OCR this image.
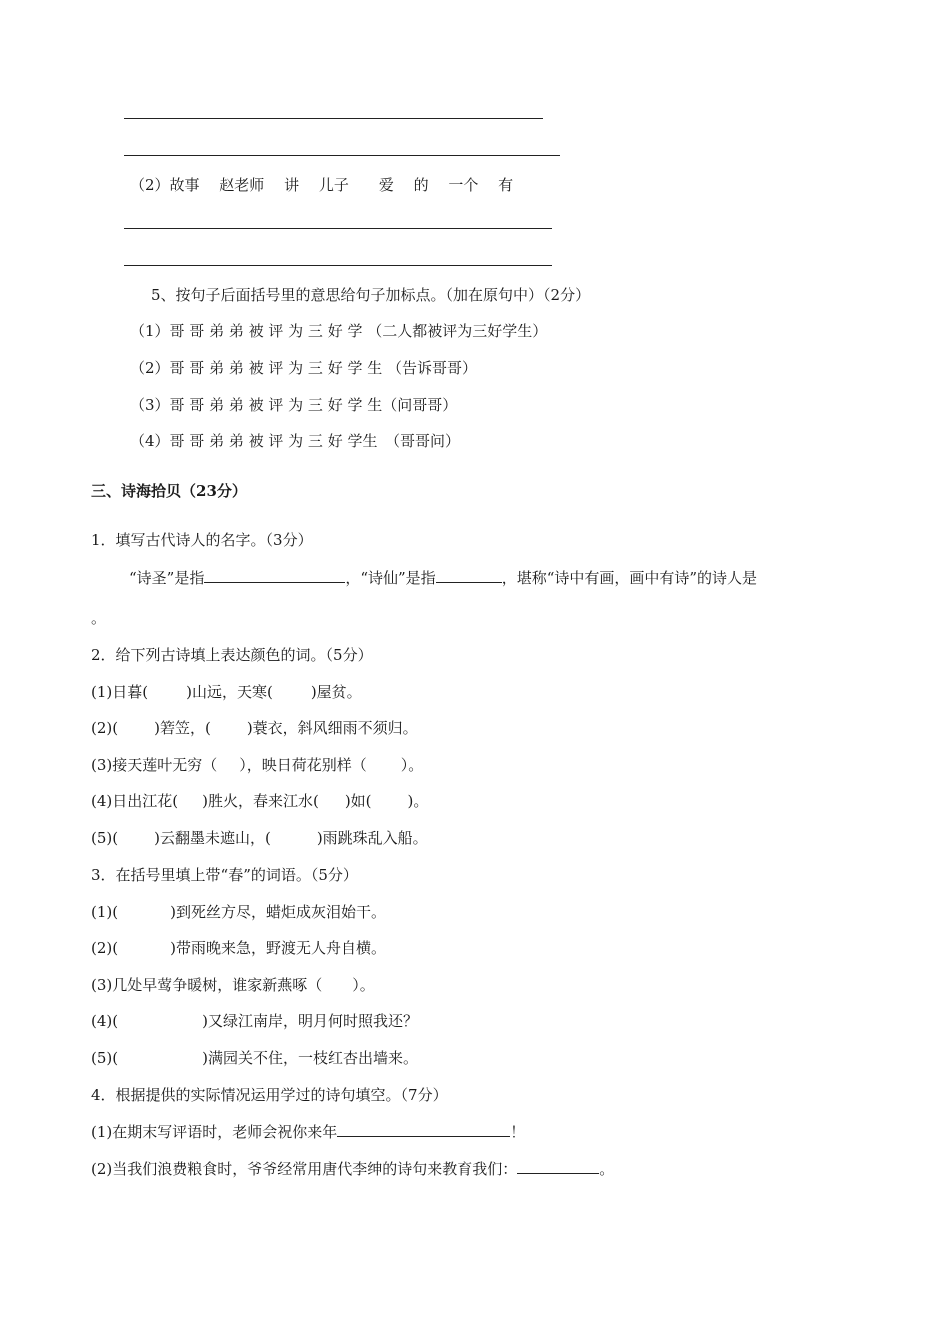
（2）故事　 赵老师　 讲　 儿子　　爱　 的　 一个　 有
5、按句子后面括号里的意思给句子加标点。（加在原句中）（2分）
（1）哥 哥 弟 弟 被 评 为 三 好 学 （二人都被评为三好学生）
（2）哥 哥 弟 弟 被 评 为 三 好 学 生 （告诉哥哥）
（3）哥 哥 弟 弟 被 评 为 三 好 学 生（问哥哥）
（4）哥 哥 弟 弟 被 评 为 三 好 学生　（哥哥问）
三、诗海拾贝（23分）
1．填写古代诗人的名字。（3分）
“诗圣”是指	，“诗仙”是指	，堪称“诗中有画，画中有诗”的诗人是
。
2．给下列古诗填上表达颜色的词。（5分）
(1)日暮(	)山远，天寒(	)屋贫。
(2)( )箬笠，( )蓑衣，斜风细雨不须归。
(3)接天莲叶无穷（ ），映日荷花别样（ ）。
(4)日出江花( )胜火，春来江水( )如( )。
(5)( )云翻墨未遮山，(	)雨跳珠乱入船。
3．在括号里填上带“春”的词语。（5分）
(1)(	)到死丝方尽，蜡炬成灰泪始干。
(2)(	)带雨晚来急，野渡无人舟自横。
(3)几处早莺争暖树，谁家新燕啄（ ）。
(4)(	)又绿江南岸，明月何时照我还？
(5)(	)满园关不住，一枝红杏出墙来。
4．根据提供的实际情况运用学过的诗句填空。（7分）
(1)在期末写评语时，老师会祝你来年	！
(2)当我们浪费粮食时，爷爷经常用唐代李绅的诗句来教育我们：	。
